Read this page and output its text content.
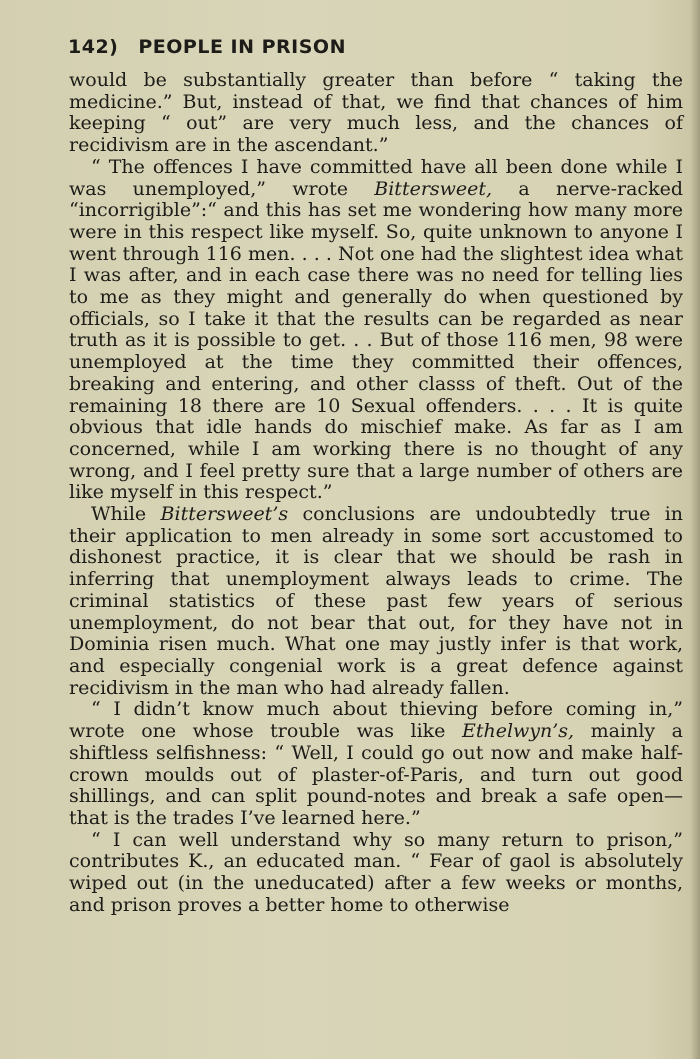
142) PEOPLE IN PRISON

would be substantially greater than before “ taking the medicine.” But, instead of that, we find that chances of him keeping “ out” are very much less, and the chances of recidivism are in the ascendant.”

“ The offences I have committed have all been done while I was unemployed,” wrote Bittersweet, a nerve-racked “incorrigible”:“ and this has set me wondering how many more were in this respect like myself. So, quite unknown to anyone I went through 116 men. . . . Not one had the slightest idea what I was after, and in each case there was no need for telling lies to me as they might and generally do when questioned by officials, so I take it that the results can be regarded as near truth as it is possible to get. . . But of those 116 men, 98 were unemployed at the time they committed their offences, breaking and entering, and other classs of theft. Out of the remaining 18 there are 10 Sexual offenders. . . . It is quite obvious that idle hands do mischief make. As far as I am concerned, while I am working there is no thought of any wrong, and I feel pretty sure that a large number of others are like myself in this respect.”

While Bittersweet’s conclusions are undoubtedly true in their application to men already in some sort accustomed to dishonest practice, it is clear that we should be rash in inferring that unemployment always leads to crime. The criminal statistics of these past few years of serious unemployment, do not bear that out, for they have not in Dominia risen much. What one may justly infer is that work, and especially congenial work is a great defence against recidivism in the man who had already fallen.

“ I didn’t know much about thieving before coming in,” wrote one whose trouble was like Ethelwyn’s, mainly a shiftless selfishness: “ Well, I could go out now and make half-crown moulds out of plaster-of-Paris, and turn out good shillings, and can split pound-notes and break a safe open—that is the trades I’ve learned here.”

“ I can well understand why so many return to prison,” contributes K., an educated man. “ Fear of gaol is absolutely wiped out (in the uneducated) after a few weeks or months, and prison proves a better home to otherwise
